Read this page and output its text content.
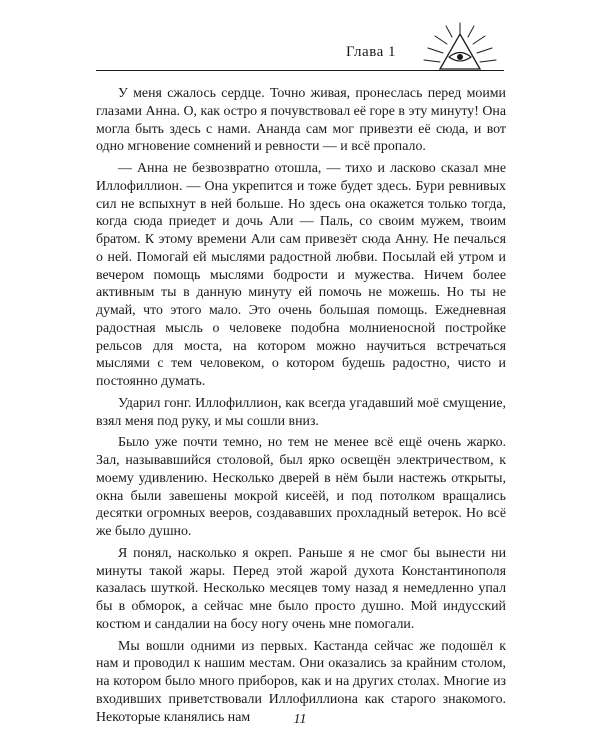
Глава 1

У меня сжалось сердце. Точно живая, пронеслась перед моими глазами Анна. О, как остро я почувствовал её горе в эту минуту! Она могла быть здесь с нами. Ананда сам мог привезти её сюда, и вот одно мгновение сомнений и ревности — и всё пропало.

— Анна не безвозвратно отошла, — тихо и ласково сказал мне Иллофиллион. — Она укрепится и тоже будет здесь. Бури ревнивых сил не вспыхнут в ней больше. Но здесь она окажется только тогда, когда сюда приедет и дочь Али — Паль, со своим мужем, твоим братом. К этому времени Али сам привезёт сюда Анну. Не печалься о ней. Помогай ей мыслями радостной любви. Посылай ей утром и вечером помощь мыслями бодрости и мужества. Ничем более активным ты в данную минуту ей помочь не можешь. Но ты не думай, что этого мало. Это очень большая помощь. Ежедневная радостная мысль о человеке подобна молниеносной постройке рельсов для моста, на котором можно научиться встречаться мыслями с тем человеком, о котором будешь радостно, чисто и постоянно думать.

Ударил гонг. Иллофиллион, как всегда угадавший моё смущение, взял меня под руку, и мы сошли вниз.

Было уже почти темно, но тем не менее всё ещё очень жарко. Зал, называвшийся столовой, был ярко освещён электричеством, к моему удивлению. Несколько дверей в нём были настежь открыты, окна были завешены мокрой кисеёй, и под потолком вращались десятки огромных вееров, создававших прохладный ветерок. Но всё же было душно.

Я понял, насколько я окреп. Раньше я не смог бы вынести ни минуты такой жары. Перед этой жарой духота Константинополя казалась шуткой. Несколько месяцев тому назад я немедленно упал бы в обморок, а сейчас мне было просто душно. Мой индусский костюм и сандалии на босу ногу очень мне помогали.

Мы вошли одними из первых. Кастанда сейчас же подошёл к нам и проводил к нашим местам. Они оказались за крайним столом, на котором было много приборов, как и на других столах. Многие из входивших приветствовали Иллофиллиона как старого знакомого. Некоторые кланялись нам	11
